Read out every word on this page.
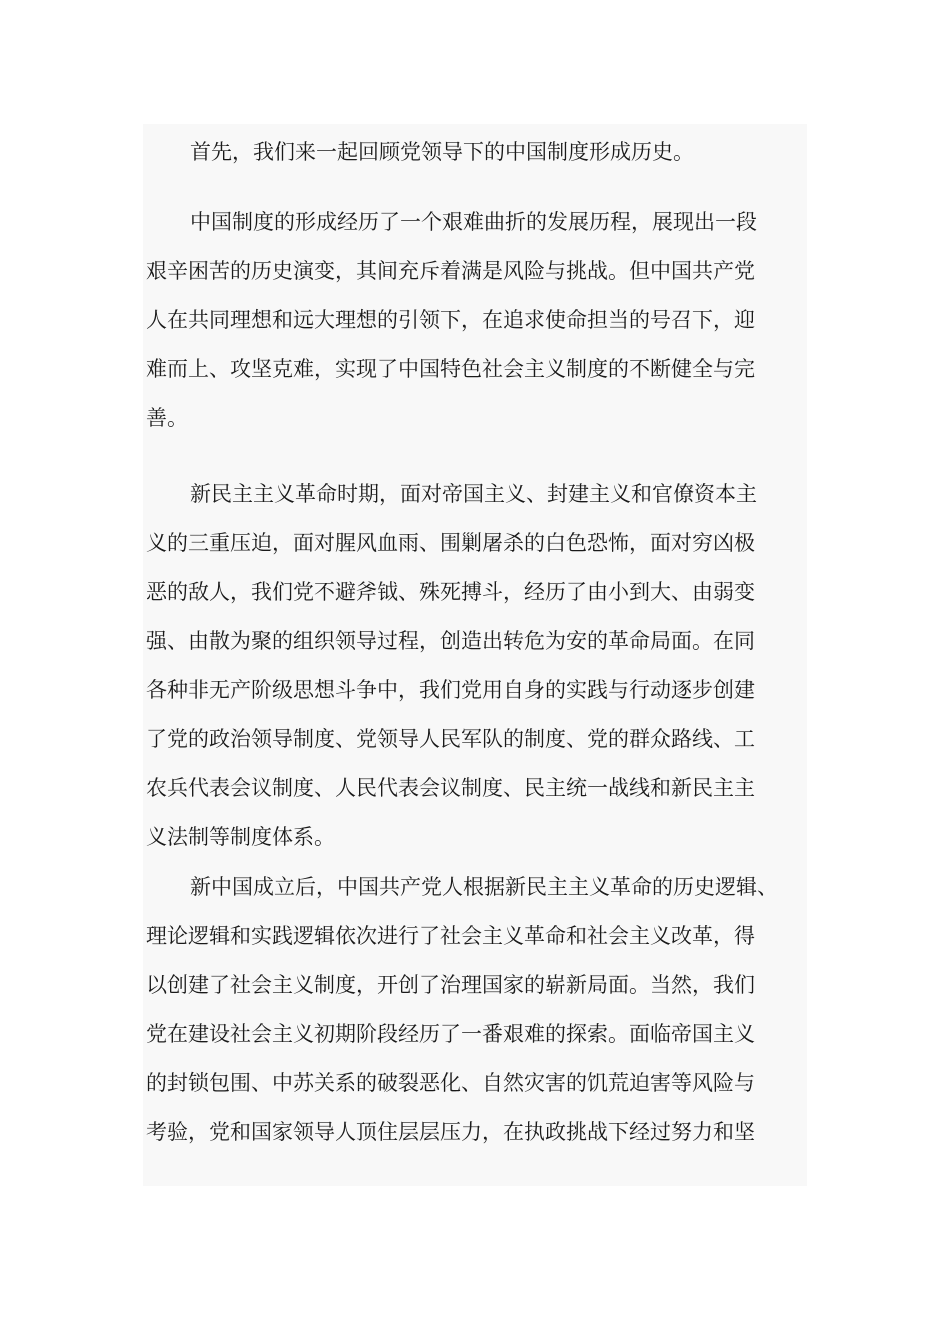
首先，我们来一起回顾党领导下的中国制度形成历史。
中国制度的形成经历了一个艰难曲折的发展历程，展现出一段
艰辛困苦的历史演变，其间充斥着满是风险与挑战。但中国共产党
人在共同理想和远大理想的引领下，在追求使命担当的号召下，迎
难而上、攻坚克难，实现了中国特色社会主义制度的不断健全与完
善。
新民主主义革命时期，面对帝国主义、封建主义和官僚资本主
义的三重压迫，面对腥风血雨、围剿屠杀的白色恐怖，面对穷凶极
恶的敌人，我们党不避斧钺、殊死搏斗，经历了由小到大、由弱变
强、由散为聚的组织领导过程，创造出转危为安的革命局面。在同
各种非无产阶级思想斗争中，我们党用自身的实践与行动逐步创建
了党的政治领导制度、党领导人民军队的制度、党的群众路线、工
农兵代表会议制度、人民代表会议制度、民主统一战线和新民主主
义法制等制度体系。
新中国成立后，中国共产党人根据新民主主义革命的历史逻辑、
理论逻辑和实践逻辑依次进行了社会主义革命和社会主义改革，得
以创建了社会主义制度，开创了治理国家的崭新局面。当然，我们
党在建设社会主义初期阶段经历了一番艰难的探索。面临帝国主义
的封锁包围、中苏关系的破裂恶化、自然灾害的饥荒迫害等风险与
考验，党和国家领导人顶住层层压力，在执政挑战下经过努力和坚
